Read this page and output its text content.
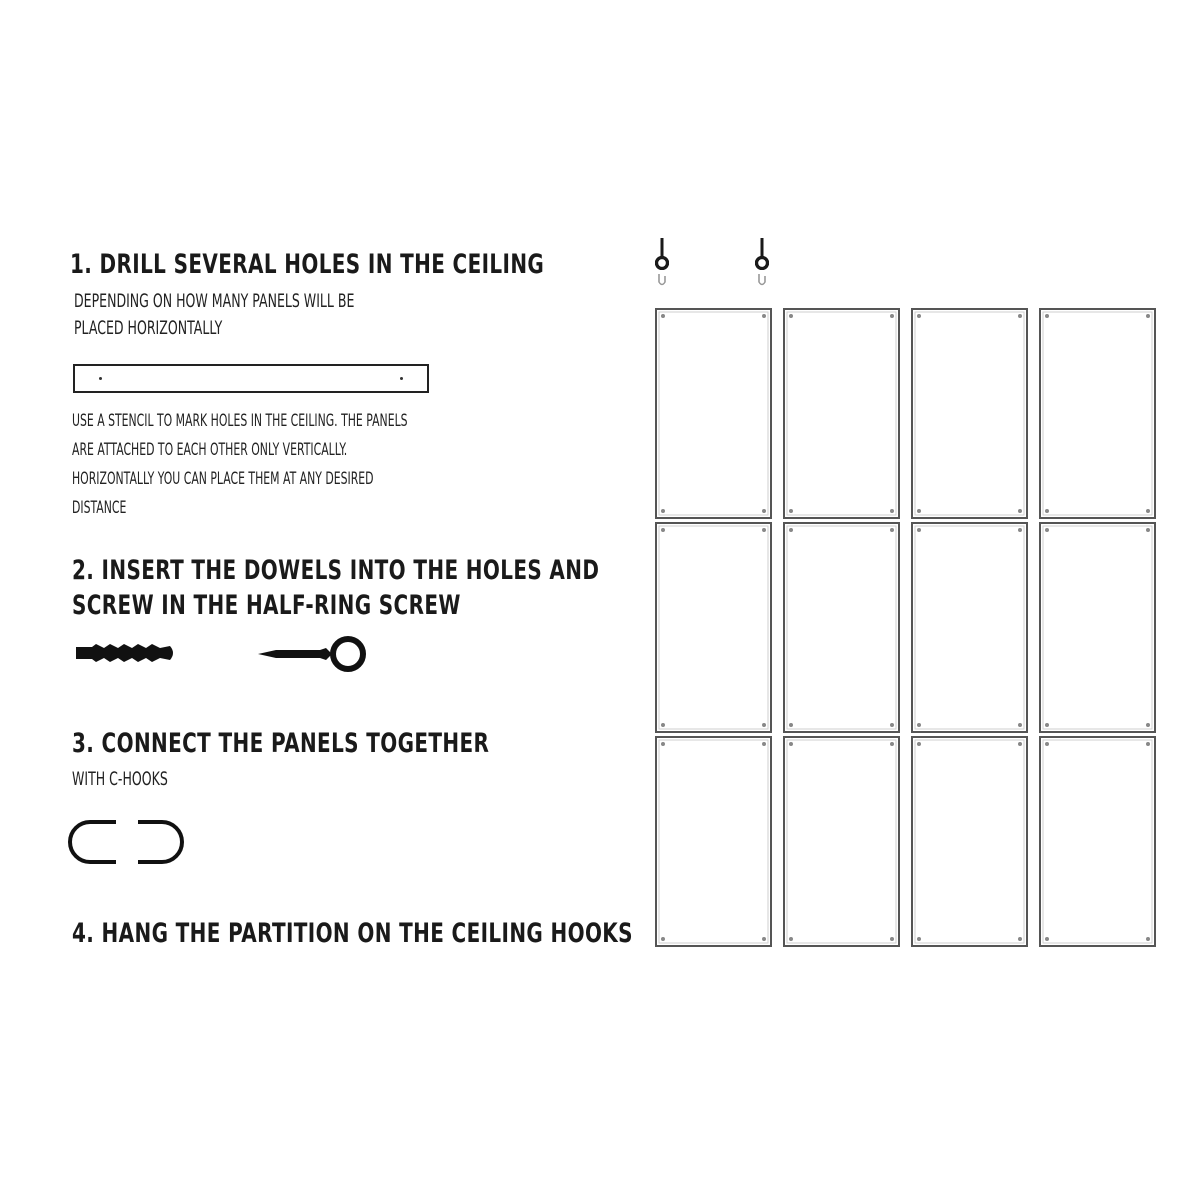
1. DRILL SEVERAL HOLES IN THE CEILING
DEPENDING ON HOW MANY PANELS WILL BE
PLACED HORIZONTALLY
USE A STENCIL TO MARK HOLES IN THE CEILING. THE PANELS
ARE ATTACHED TO EACH OTHER ONLY VERTICALLY.
HORIZONTALLY YOU CAN PLACE THEM AT ANY DESIRED
DISTANCE
2. INSERT THE DOWELS INTO THE HOLES AND
SCREW IN THE HALF-RING SCREW
3. CONNECT THE PANELS TOGETHER
WITH C-HOOKS
4. HANG THE PARTITION ON THE CEILING HOOKS
